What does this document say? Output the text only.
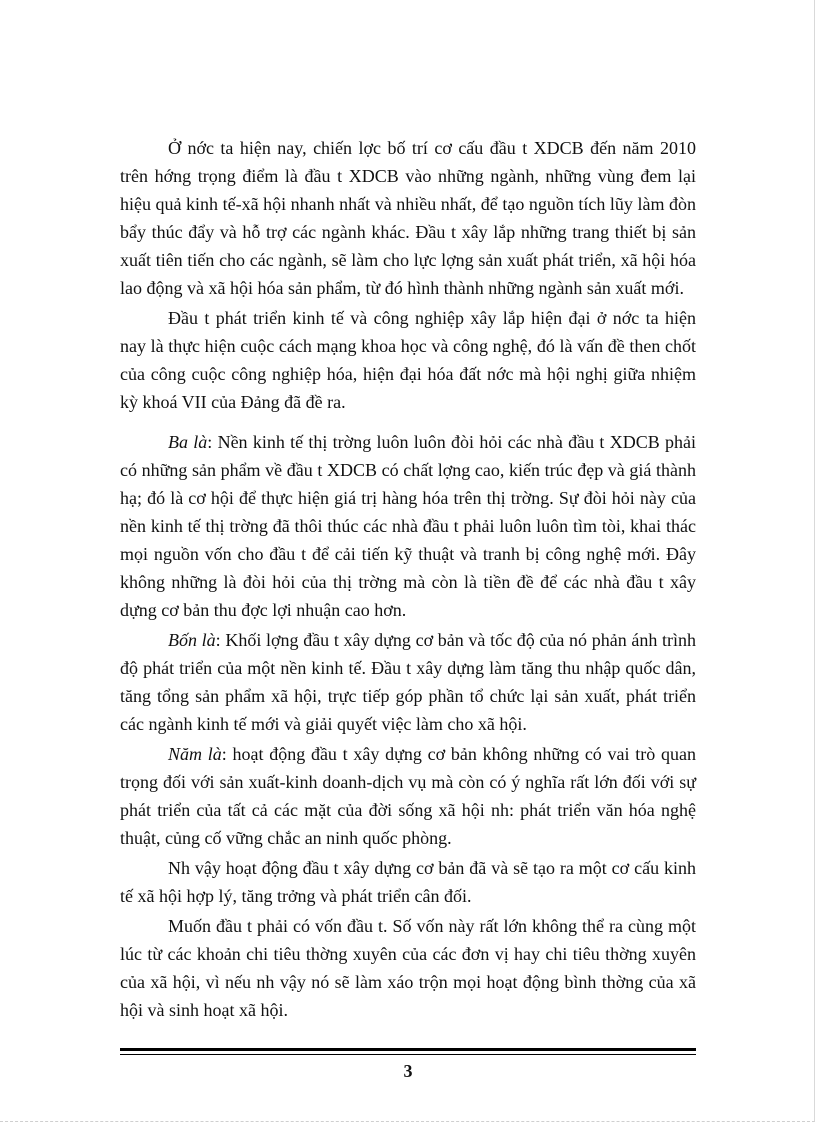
Ở nớc ta hiện nay, chiến lợc bố trí cơ cấu đầu t XDCB đến năm 2010 trên hớng trọng điểm là đầu t XDCB vào những ngành, những vùng đem lại hiệu quả kinh tế-xã hội nhanh nhất và nhiều nhất, để tạo nguồn tích lũy làm đòn bẩy thúc đẩy và hỗ trợ các ngành khác. Đầu t xây lắp những trang thiết bị sản xuất tiên tiến cho các ngành, sẽ làm cho lực lợng sản xuất phát triển, xã hội hóa lao động và xã hội hóa sản phẩm, từ đó hình thành những ngành sản xuất mới.

Đầu t phát triển kinh tế và công nghiệp xây lắp hiện đại ở nớc ta hiện nay là thực hiện cuộc cách mạng khoa học và công nghệ, đó là vấn đề then chốt của công cuộc công nghiệp hóa, hiện đại hóa đất nớc mà hội nghị giữa nhiệm kỳ khoá VII của Đảng đã đề ra.

Ba là: Nền kinh tế thị trờng luôn luôn đòi hỏi các nhà đầu t XDCB phải có những sản phẩm về đầu t XDCB có chất lợng cao, kiến trúc đẹp và giá thành hạ; đó là cơ hội để thực hiện giá trị hàng hóa trên thị trờng. Sự đòi hỏi này của nền kinh tế thị trờng đã thôi thúc các nhà đầu t phải luôn luôn tìm tòi, khai thác mọi nguồn vốn cho đầu t để cải tiến kỹ thuật và tranh bị công nghệ mới. Đây không những là đòi hỏi của thị trờng mà còn là tiền đề để các nhà đầu t xây dựng cơ bản thu đợc lợi nhuận cao hơn.

Bốn là: Khối lợng đầu t xây dựng cơ bản và tốc độ của nó phản ánh trình độ phát triển của một nền kinh tế. Đầu t xây dựng làm tăng thu nhập quốc dân, tăng tổng sản phẩm xã hội, trực tiếp góp phần tổ chức lại sản xuất, phát triển các ngành kinh tế mới và giải quyết việc làm cho xã hội.

Năm là: hoạt động đầu t xây dựng cơ bản không những có vai trò quan trọng đối với sản xuất-kinh doanh-dịch vụ mà còn có ý nghĩa rất lớn đối với sự phát triển của tất cả các mặt của đời sống xã hội nh: phát triển văn hóa nghệ thuật, củng cố vững chắc an ninh quốc phòng.

Nh vậy hoạt động đầu t xây dựng cơ bản đã và sẽ tạo ra một cơ cấu kinh tế xã hội hợp lý, tăng trởng và phát triển cân đối.

Muốn đầu t phải có vốn đầu t. Số vốn này rất lớn không thể ra cùng một lúc từ các khoản chi tiêu thờng xuyên của các đơn vị hay chi tiêu thờng xuyên của xã hội, vì nếu nh vậy nó sẽ làm xáo trộn mọi hoạt động bình thờng của xã hội và sinh hoạt xã hội.

3
